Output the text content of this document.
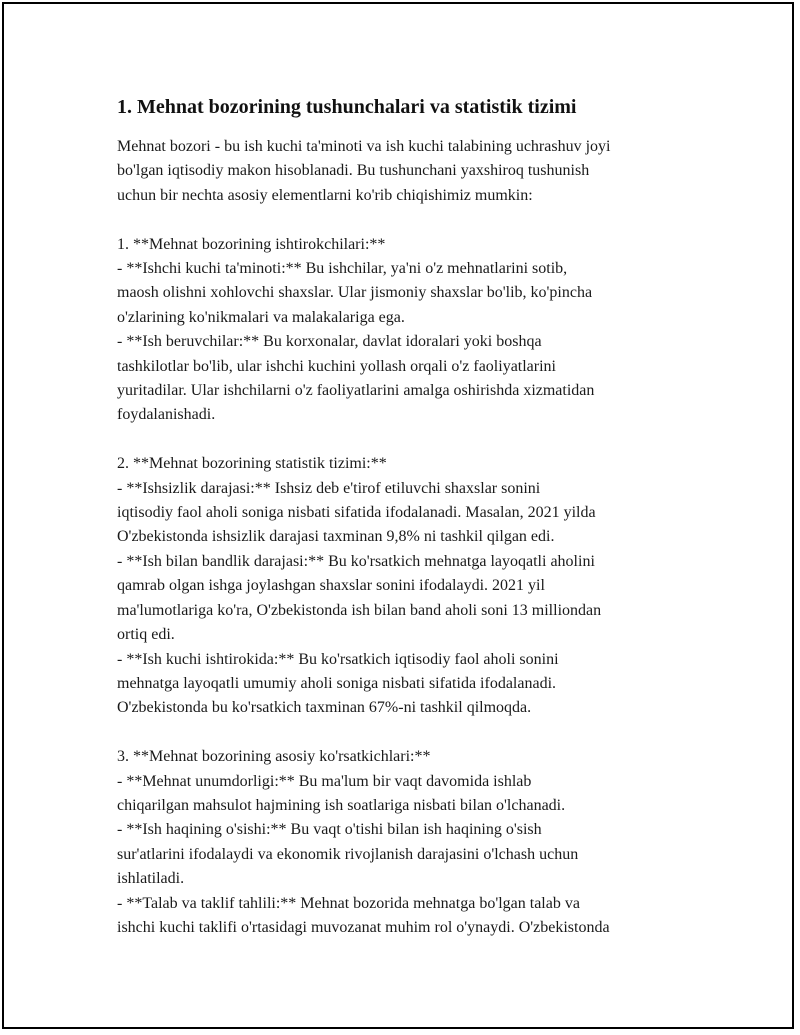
1. Mehnat bozorining tushunchalari va statistik tizimi

Mehnat bozori - bu ish kuchi ta'minoti va ish kuchi talabining uchrashuv joyi
bo'lgan iqtisodiy makon hisoblanadi. Bu tushunchani yaxshiroq tushunish
uchun bir nechta asosiy elementlarni ko'rib chiqishimiz mumkin:

1. **Mehnat bozorining ishtirokchilari:**
- **Ishchi kuchi ta'minoti:** Bu ishchilar, ya'ni o'z mehnatlarini sotib,
maosh olishni xohlovchi shaxslar. Ular jismoniy shaxslar bo'lib, ko'pincha
o'zlarining ko'nikmalari va malakalariga ega.
- **Ish beruvchilar:** Bu korxonalar, davlat idoralari yoki boshqa
tashkilotlar bo'lib, ular ishchi kuchini yollash orqali o'z faoliyatlarini
yuritadilar. Ular ishchilarni o'z faoliyatlarini amalga oshirishda xizmatidan
foydalanishadi.

2. **Mehnat bozorining statistik tizimi:**
- **Ishsizlik darajasi:** Ishsiz deb e'tirof etiluvchi shaxslar sonini
iqtisodiy faol aholi soniga nisbati sifatida ifodalanadi. Masalan, 2021 yilda
O'zbekistonda ishsizlik darajasi taxminan 9,8% ni tashkil qilgan edi.
- **Ish bilan bandlik darajasi:** Bu ko'rsatkich mehnatga layoqatli aholini
qamrab olgan ishga joylashgan shaxslar sonini ifodalaydi. 2021 yil
ma'lumotlariga ko'ra, O'zbekistonda ish bilan band aholi soni 13 milliondan
ortiq edi.
- **Ish kuchi ishtirokida:** Bu ko'rsatkich iqtisodiy faol aholi sonini
mehnatga layoqatli umumiy aholi soniga nisbati sifatida ifodalanadi.
O'zbekistonda bu ko'rsatkich taxminan 67%-ni tashkil qilmoqda.

3. **Mehnat bozorining asosiy ko'rsatkichlari:**
- **Mehnat unumdorligi:** Bu ma'lum bir vaqt davomida ishlab
chiqarilgan mahsulot hajmining ish soatlariga nisbati bilan o'lchanadi.
- **Ish haqining o'sishi:** Bu vaqt o'tishi bilan ish haqining o'sish
sur'atlarini ifodalaydi va ekonomik rivojlanish darajasini o'lchash uchun
ishlatiladi.
- **Talab va taklif tahlili:** Mehnat bozorida mehnatga bo'lgan talab va
ishchi kuchi taklifi o'rtasidagi muvozanat muhim rol o'ynaydi. O'zbekistonda
